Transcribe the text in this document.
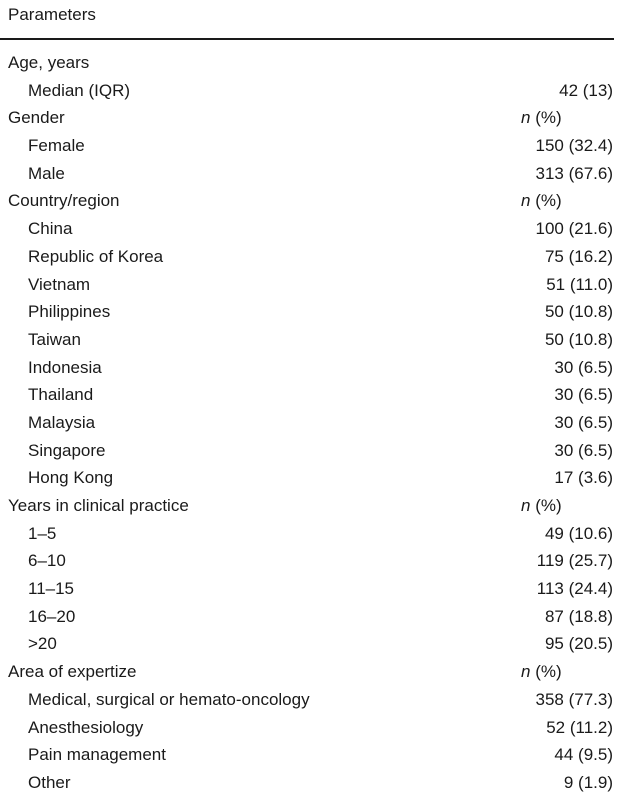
Parameters
Age, years
Median (IQR)	42 (13)
Gender	n (%)
Female	150 (32.4)
Male	313 (67.6)
Country/region	n (%)
China	100 (21.6)
Republic of Korea	75 (16.2)
Vietnam	51 (11.0)
Philippines	50 (10.8)
Taiwan	50 (10.8)
Indonesia	30 (6.5)
Thailand	30 (6.5)
Malaysia	30 (6.5)
Singapore	30 (6.5)
Hong Kong	17 (3.6)
Years in clinical practice	n (%)
1–5	49 (10.6)
6–10	119 (25.7)
11–15	113 (24.4)
16–20	87 (18.8)
>20	95 (20.5)
Area of expertize	n (%)
Medical, surgical or hemato-oncology	358 (77.3)
Anesthesiology	52 (11.2)
Pain management	44 (9.5)
Other	9 (1.9)
